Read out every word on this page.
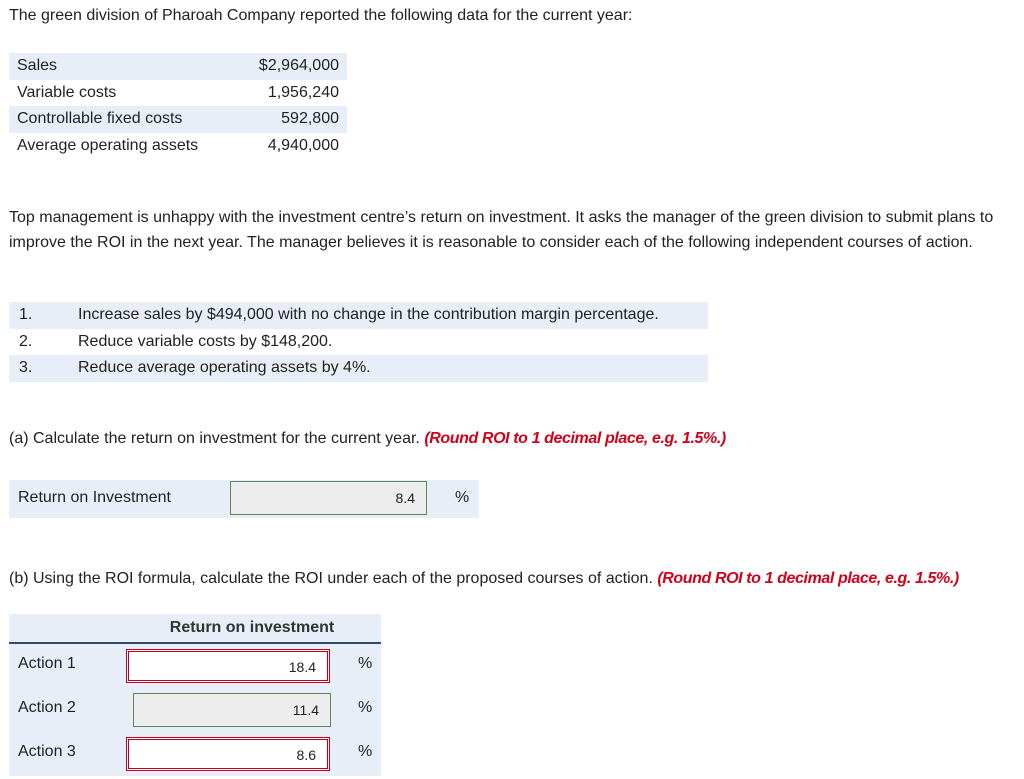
The green division of Pharoah Company reported the following data for the current year:
Sales	$2,964,000
Variable costs	1,956,240
Controllable fixed costs	592,800
Average operating assets	4,940,000
Top management is unhappy with the investment centre’s return on investment. It asks the manager of the green division to submit plans to improve the ROI in the next year. The manager believes it is reasonable to consider each of the following independent courses of action.
1.	Increase sales by $494,000 with no change in the contribution margin percentage.
2.	Reduce variable costs by $148,200.
3.	Reduce average operating assets by 4%.
(a) Calculate the return on investment for the current year. (Round ROI to 1 decimal place, e.g. 1.5%.)
Return on Investment	8.4	%
(b) Using the ROI formula, calculate the ROI under each of the proposed courses of action. (Round ROI to 1 decimal place, e.g. 1.5%.)
Return on investment
Action 1	18.4	%
Action 2	11.4	%
Action 3	8.6	%
